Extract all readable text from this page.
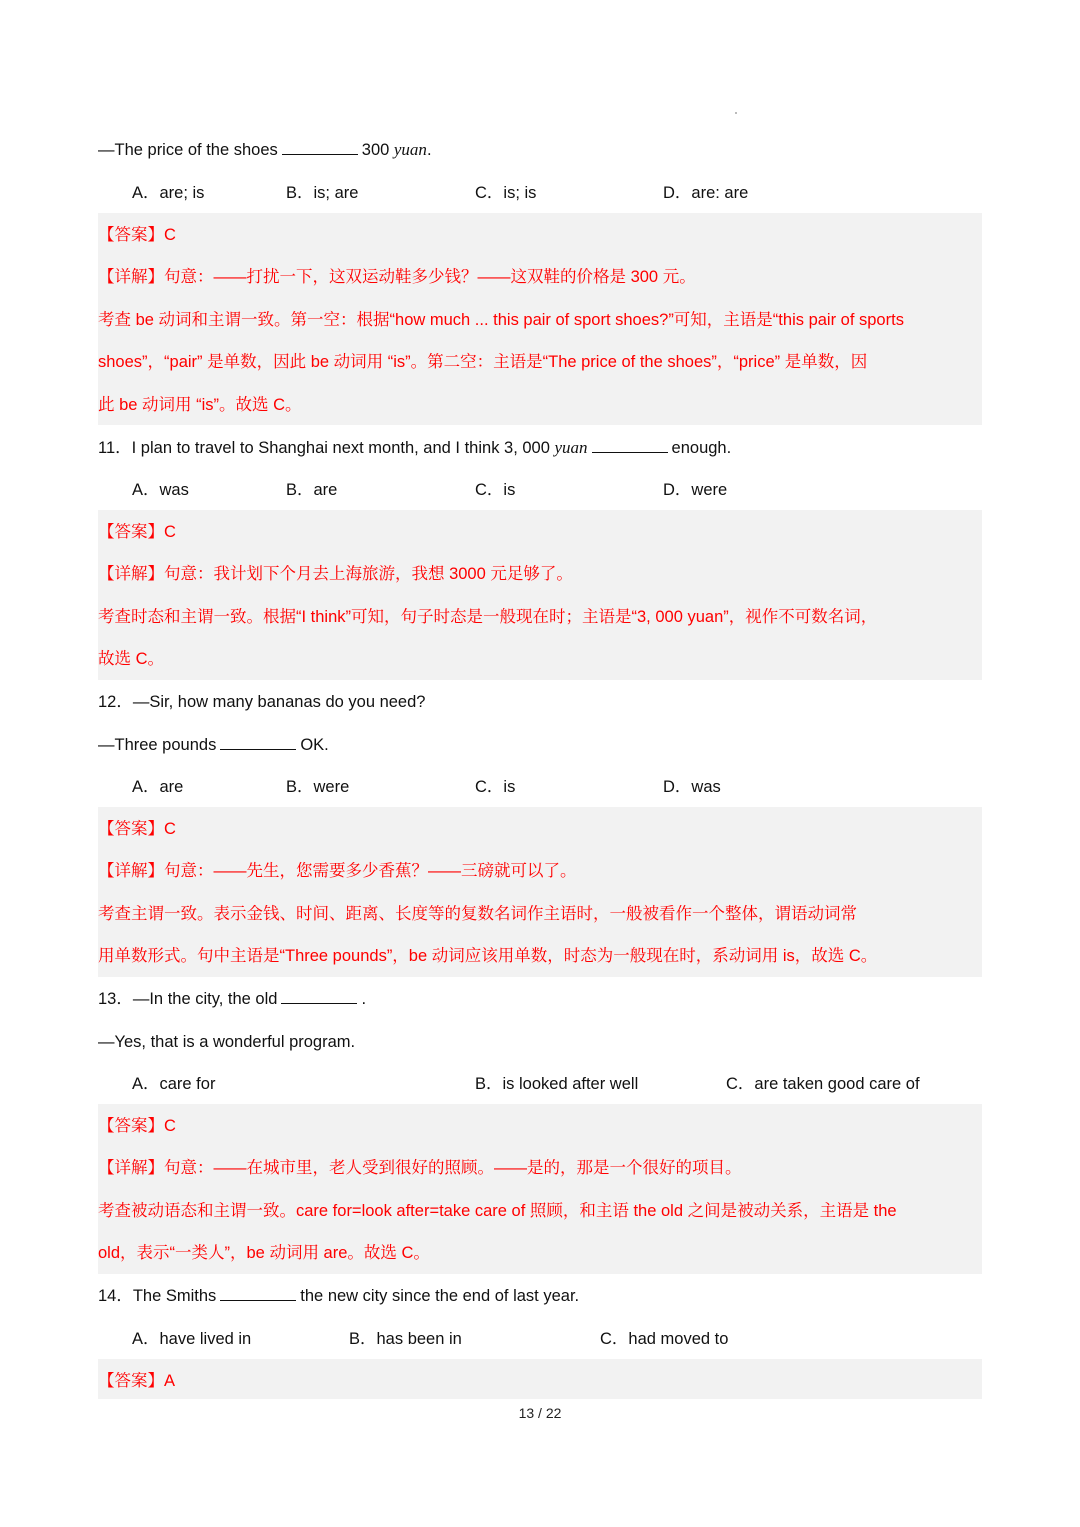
—The price of the shoes	300 yuan.
A．are; is	B．is; are	C．is; is	D．are: are
【答案】C
【详解】句意：——打扰一下，这双运动鞋多少钱？——这双鞋的价格是 300 元。
考查 be 动词和主谓一致。第一空：根据“how much ... this pair of sport shoes?”可知，主语是“this pair of sports
shoes”，“pair” 是单数，因此 be 动词用 “is”。第二空：主语是“The price of the shoes”，“price” 是单数，因
此 be 动词用 “is”。故选 C。
11．I plan to travel to Shanghai next month, and I think 3, 000 yuan	enough.
A．was	B．are	C．is	D．were
【答案】C
【详解】句意：我计划下个月去上海旅游，我想 3000 元足够了。
考查时态和主谓一致。根据“I think”可知，句子时态是一般现在时；主语是“3, 000 yuan”，视作不可数名词，
故选 C。
12．—Sir, how many bananas do you need?
—Three pounds	OK.
A．are	B．were	C．is	D．was
【答案】C
【详解】句意：——先生，您需要多少香蕉？——三磅就可以了。
考查主谓一致。表示金钱、时间、距离、长度等的复数名词作主语时，一般被看作一个整体，谓语动词常
用单数形式。句中主语是“Three pounds”，be 动词应该用单数，时态为一般现在时，系动词用 is，故选 C。
13．—In the city, the old	.
—Yes, that is a wonderful program.
A．care for	B．is looked after well	C．are taken good care of
【答案】C
【详解】句意：——在城市里，老人受到很好的照顾。——是的，那是一个很好的项目。
考查被动语态和主谓一致。care for=look after=take care of 照顾，和主语 the old 之间是被动关系，主语是 the
old，表示“一类人”，be 动词用 are。故选 C。
14．The Smiths	the new city since the end of last year.
A．have lived in	B．has been in	C．had moved to
【答案】A
13 / 22
